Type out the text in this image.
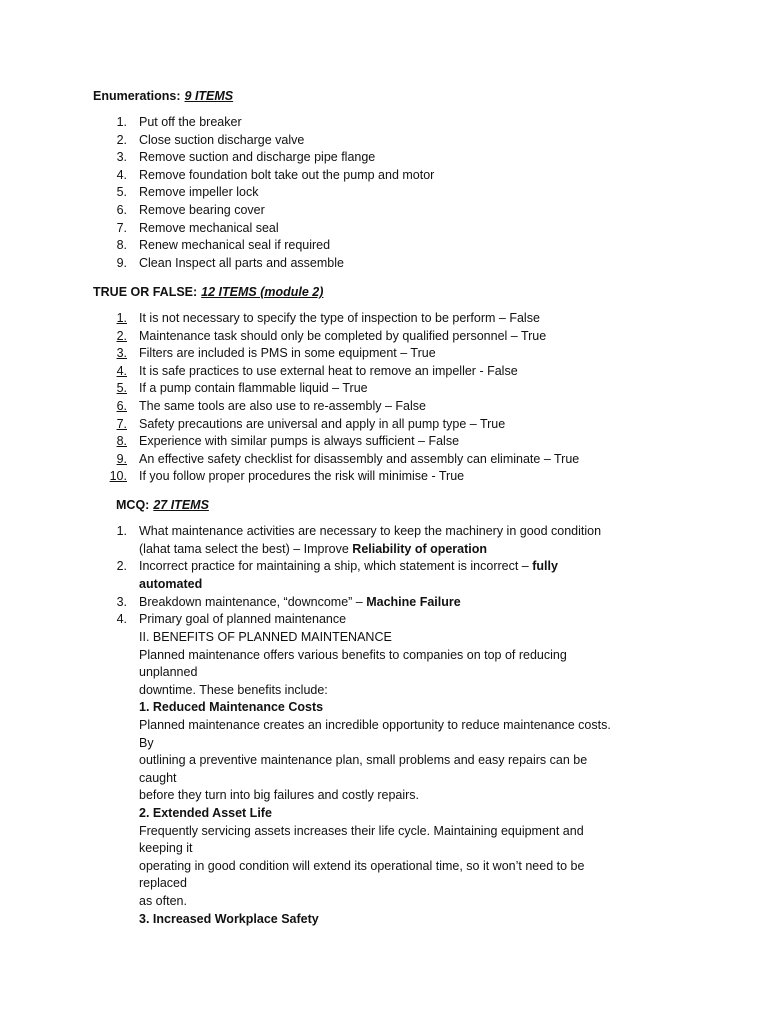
Enumerations: 9 ITEMS
1. Put off the breaker
2. Close suction discharge valve
3. Remove suction and discharge pipe flange
4. Remove foundation bolt take out the pump and motor
5. Remove impeller lock
6. Remove bearing cover
7. Remove mechanical seal
8. Renew mechanical seal if required
9. Clean Inspect all parts and assemble
TRUE OR FALSE: 12 ITEMS (module 2)
1. It is not necessary to specify the type of inspection to be perform – False
2. Maintenance task should only be completed by qualified personnel – True
3. Filters are included is PMS in some equipment – True
4. It is safe practices to use external heat to remove an impeller - False
5. If a pump contain flammable liquid – True
6. The same tools are also use to re-assembly – False
7. Safety precautions are universal and apply in all pump type – True
8. Experience with similar pumps is always sufficient – False
9. An effective safety checklist for disassembly and assembly can eliminate – True
10. If you follow proper procedures the risk will minimise - True
MCQ: 27 ITEMS
1. What maintenance activities are necessary to keep the machinery in good condition
(lahat tama select the best) – Improve Reliability of operation
2. Incorrect practice for maintaining a ship, which statement is incorrect – fully
automated
3. Breakdown maintenance, “downcome” – Machine Failure
4. Primary goal of planned maintenance
II. BENEFITS OF PLANNED MAINTENANCE
Planned maintenance offers various benefits to companies on top of reducing
unplanned
downtime. These benefits include:
1. Reduced Maintenance Costs
Planned maintenance creates an incredible opportunity to reduce maintenance costs.
By
outlining a preventive maintenance plan, small problems and easy repairs can be
caught
before they turn into big failures and costly repairs.
2. Extended Asset Life
Frequently servicing assets increases their life cycle. Maintaining equipment and
keeping it
operating in good condition will extend its operational time, so it won’t need to be
replaced
as often.
3. Increased Workplace Safety
